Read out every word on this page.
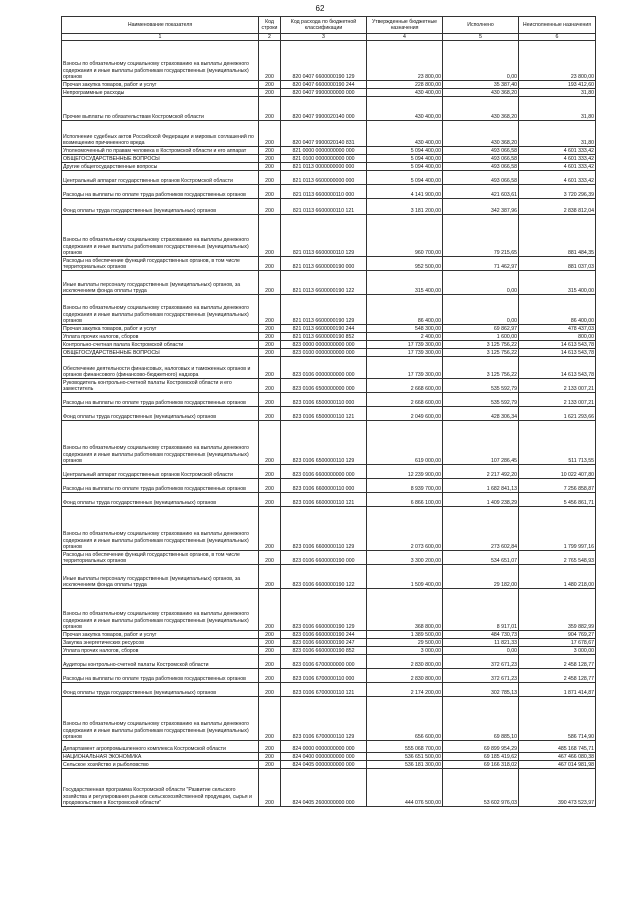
62
Наименование показателя	Код строки	Код расхода по бюджетной классификации	Утвержденные бюджетные назначения	Исполнено	Неисполненные назначения
1	2	3	4	5	6
Взносы по обязательному социальному страхованию на выплаты денежного содержания и иные выплаты работникам государственных (муниципальных) органов	200	820 0407 6600000190 129	23 800,00	0,00	23 800,00
Прочая закупка товаров, работ и услуг	200	820 0407 6600000190 244	228 800,00	35 387,40	193 412,60
Непрограммные расходы	200	820 0407 9900000000 000	430 400,00	430 368,20	31,80
Прочие выплаты по обязательствам Костромской области	200	820 0407 9900020140 000	430 400,00	430 368,20	31,80
Исполнение судебных актов Российской Федерации и мировых соглашений по возмещению причиненного вреда	200	820 0407 9900020140 831	430 400,00	430 368,20	31,80
Уполномоченный по правам человека в Костромской области и его аппарат	200	821 0000 0000000000 000	5 094 400,00	493 066,58	4 601 333,42
ОБЩЕГОСУДАРСТВЕННЫЕ ВОПРОСЫ	200	821 0100 0000000000 000	5 094 400,00	493 066,58	4 601 333,42
Другие общегосударственные вопросы	200	821 0113 0000000000 000	5 094 400,00	493 066,58	4 601 333,42
Центральный аппарат государственных органов Костромской области	200	821 0113 6600000000 000	5 094 400,00	493 066,58	4 601 333,42
Расходы на выплаты по оплате труда работников государственных органов	200	821 0113 6600000110 000	4 141 900,00	421 603,61	3 720 296,39
Фонд оплаты труда государственных (муниципальных) органов	200	821 0113 6600000110 121	3 181 200,00	342 387,96	2 838 812,04
Взносы по обязательному социальному страхованию на выплаты денежного содержания и иные выплаты работникам государственных (муниципальных) органов	200	821 0113 6600000110 129	960 700,00	79 215,65	881 484,35
Расходы на обеспечение функций государственных органов, в том числе территориальных органов	200	821 0113 6600000190 000	952 500,00	71 462,97	881 037,03
Иные выплаты персоналу государственных (муниципальных) органов, за исключением фонда оплаты труда	200	821 0113 6600000190 122	315 400,00	0,00	315 400,00
Взносы по обязательному социальному страхованию на выплаты денежного содержания и иные выплаты работникам государственных (муниципальных) органов	200	821 0113 6600000190 129	86 400,00	0,00	86 400,00
Прочая закупка товаров, работ и услуг	200	821 0113 6600000190 244	548 300,00	69 862,97	478 437,03
Уплата прочих налогов, сборов	200	821 0113 6600000190 852	2 400,00	1 600,00	800,00
Контрольно-счетная палата Костромской области	200	823 0000 0000000000 000	17 739 300,00	3 125 756,22	14 613 543,78
ОБЩЕГОСУДАРСТВЕННЫЕ ВОПРОСЫ	200	823 0100 0000000000 000	17 739 300,00	3 125 756,22	14 613 543,78
Обеспечение деятельности финансовых, налоговых и таможенных органов и органов финансового (финансово-бюджетного) надзора	200	823 0106 0000000000 000	17 739 300,00	3 125 756,22	14 613 543,78
Руководитель контрольно-счетной палаты Костромской области и его заместитель	200	823 0106 6500000000 000	2 668 600,00	535 592,79	2 133 007,21
Расходы на выплаты по оплате труда работников государственных органов	200	823 0106 6500000110 000	2 668 600,00	535 592,79	2 133 007,21
Фонд оплаты труда государственных (муниципальных) органов	200	823 0106 6500000110 121	2 049 600,00	428 306,34	1 621 293,66
Взносы по обязательному социальному страхованию на выплаты денежного содержания и иные выплаты работникам государственных (муниципальных) органов	200	823 0106 6500000110 129	619 000,00	107 286,45	511 713,55
Центральный аппарат государственных органов Костромской области	200	823 0106 6600000000 000	12 239 900,00	2 217 492,20	10 022 407,80
Расходы на выплаты по оплате труда работников государственных органов	200	823 0106 6600000110 000	8 939 700,00	1 682 841,13	7 256 858,87
Фонд оплаты труда государственных (муниципальных) органов	200	823 0106 6600000110 121	6 866 100,00	1 409 238,29	5 456 861,71
Взносы по обязательному социальному страхованию на выплаты денежного содержания и иные выплаты работникам государственных (муниципальных) органов	200	823 0106 6600000110 129	2 073 600,00	273 602,84	1 799 997,16
Расходы на обеспечение функций государственных органов, в том числе территориальных органов	200	823 0106 6600000190 000	3 300 200,00	534 651,07	2 765 548,93
Иные выплаты персоналу государственных (муниципальных) органов, за исключением фонда оплаты труда	200	823 0106 6600000190 122	1 509 400,00	29 182,00	1 480 218,00
Взносы по обязательному социальному страхованию на выплаты денежного содержания и иные выплаты работникам государственных (муниципальных) органов	200	823 0106 6600000190 129	368 800,00	8 917,01	359 882,99
Прочая закупка товаров, работ и услуг	200	823 0106 6600000190 244	1 389 500,00	484 730,73	904 769,27
Закупка энергетических ресурсов	200	823 0106 6600000190 247	29 500,00	11 821,33	17 678,67
Уплата прочих налогов, сборов	200	823 0106 6600000190 852	3 000,00	0,00	3 000,00
Аудиторы контрольно-счетной палаты Костромской области	200	823 0106 6700000000 000	2 830 800,00	372 671,23	2 458 128,77
Расходы на выплаты по оплате труда работников государственных органов	200	823 0106 6700000110 000	2 830 800,00	372 671,23	2 458 128,77
Фонд оплаты труда государственных (муниципальных) органов	200	823 0106 6700000110 121	2 174 200,00	302 785,13	1 871 414,87
Взносы по обязательному социальному страхованию на выплаты денежного содержания и иные выплаты работникам государственных (муниципальных) органов	200	823 0106 6700000110 129	656 600,00	69 885,10	586 714,90
Департамент агропромышленного комплекса Костромской области	200	824 0000 0000000000 000	555 068 700,00	69 899 954,29	485 168 745,71
НАЦИОНАЛЬНАЯ ЭКОНОМИКА	200	824 0400 0000000000 000	536 651 500,00	69 185 419,62	467 466 080,38
Сельское хозяйство и рыболовство	200	824 0405 0000000000 000	536 181 300,00	69 166 318,02	467 014 981,98
Государственная программа Костромской области "Развитие сельского хозяйства и регулирования рынков сельскохозяйственной продукции, сырья и продовольствия в Костромской области"	200	824 0405 2600000000 000	444 076 500,00	53 602 976,03	390 473 523,97
